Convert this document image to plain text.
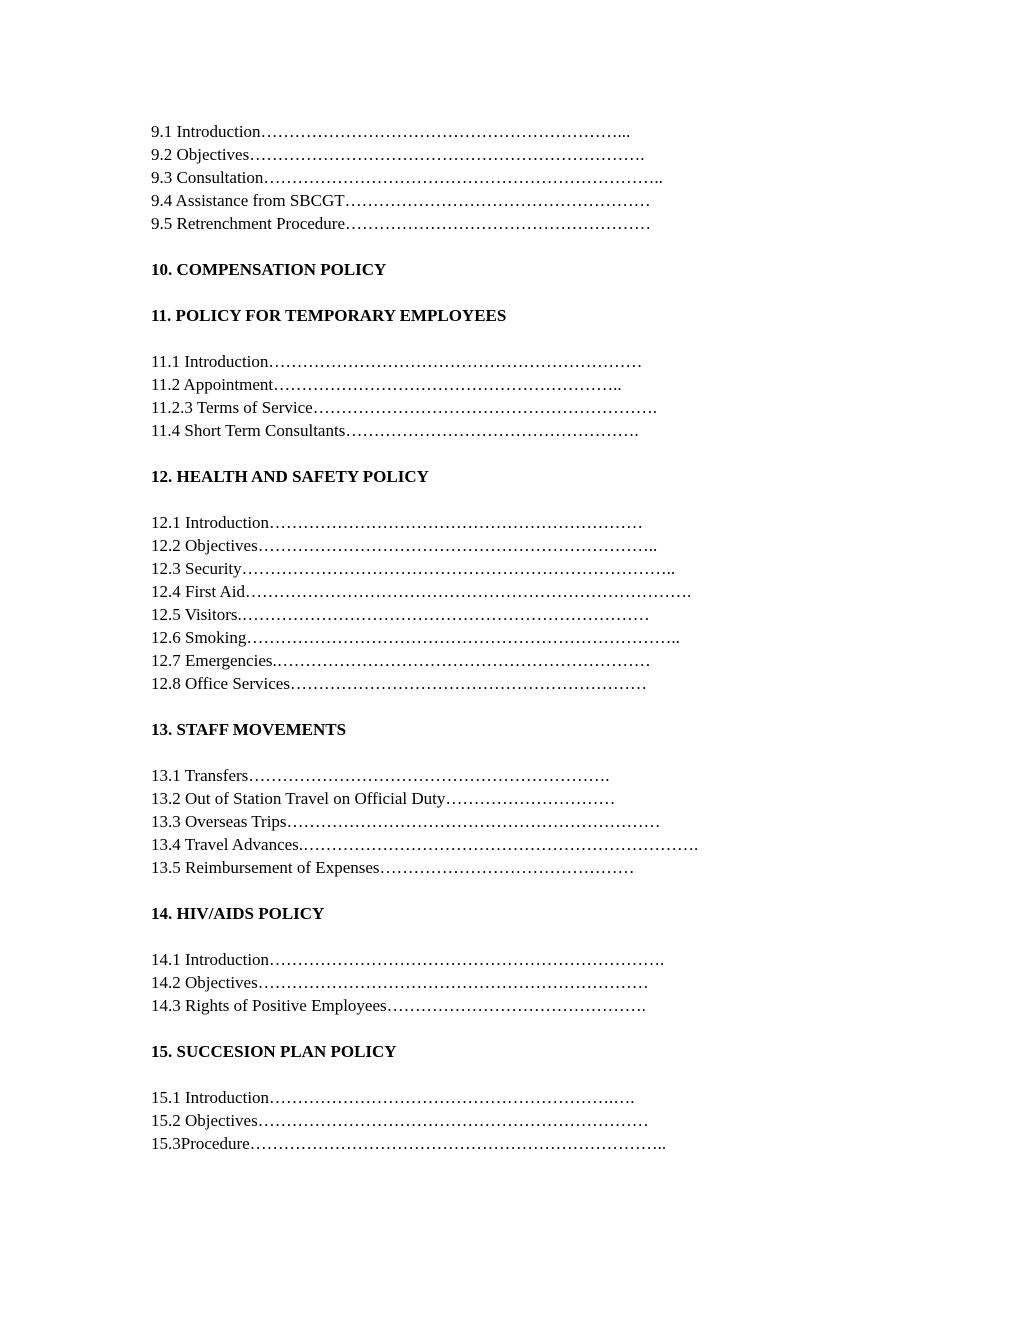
9.1 Introduction………………………………………………………...
9.2 Objectives…………………………………………………………….
9.3 Consultation……………………………………………………………..
9.4 Assistance from SBCGT………………………………………………
9.5 Retrenchment Procedure………………………………………………
10. COMPENSATION POLICY
11. POLICY FOR TEMPORARY EMPLOYEES
11.1 Introduction…………………………………………………………
11.2 Appointment……………………………………………………..
11.2.3 Terms of Service…………………………………………………….
11.4 Short Term Consultants…………………………………………….
12. HEALTH AND SAFETY POLICY
12.1 Introduction…………………………………………………………
12.2 Objectives……………………………………………………………..
12.3 Security…………………………………………………………………..
12.4 First Aid…………………………………………………………………….
12.5 Visitors.………………………………………………………………
12.6 Smoking…………………………………………………………………..
12.7 Emergencies.…………………………………………………………
12.8 Office Services………………………………………………………
13. STAFF MOVEMENTS
13.1 Transfers……………………………………………………….
13.2 Out of Station Travel on Official Duty…………………………
13.3 Overseas Trips…………………………………………………………
13.4 Travel Advances.…………………………………………………………….
13.5 Reimbursement of Expenses………………………………………
14. HIV/AIDS POLICY
14.1 Introduction…………………………………………………………….
14.2 Objectives……………………………………………………………
14.3 Rights of Positive Employees……………………………………….
15. SUCCESION PLAN POLICY
15.1 Introduction…………………………………………………….….
15.2 Objectives……………………………………………………………
15.3Procedure………………………………………………………………..
